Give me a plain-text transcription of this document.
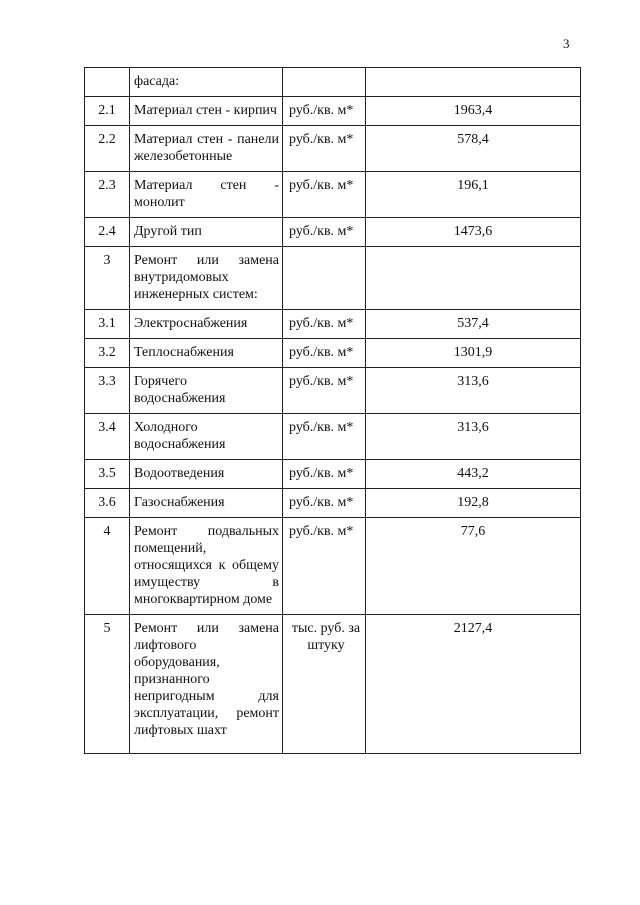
3
	фасада:		
2.1	Материал стен - кирпич	руб./кв. м*	1963,4
2.2	Материал стен - панели железобетонные	руб./кв. м*	578,4
2.3	Материал стен - монолит	руб./кв. м*	196,1
2.4	Другой тип	руб./кв. м*	1473,6
3	Ремонт или замена внутридомовых инженерных систем:		
3.1	Электроснабжения	руб./кв. м*	537,4
3.2	Теплоснабжения	руб./кв. м*	1301,9
3.3	Горячего водоснабжения	руб./кв. м*	313,6
3.4	Холодного водоснабжения	руб./кв. м*	313,6
3.5	Водоотведения	руб./кв. м*	443,2
3.6	Газоснабжения	руб./кв. м*	192,8
4	Ремонт подвальных помещений, относящихся к общему имуществу в многоквартирном доме	руб./кв. м*	77,6
5	Ремонт или замена лифтового оборудования, признанного непригодным для эксплуатации, ремонт лифтовых шахт	тыс. руб. за штуку	2127,4
